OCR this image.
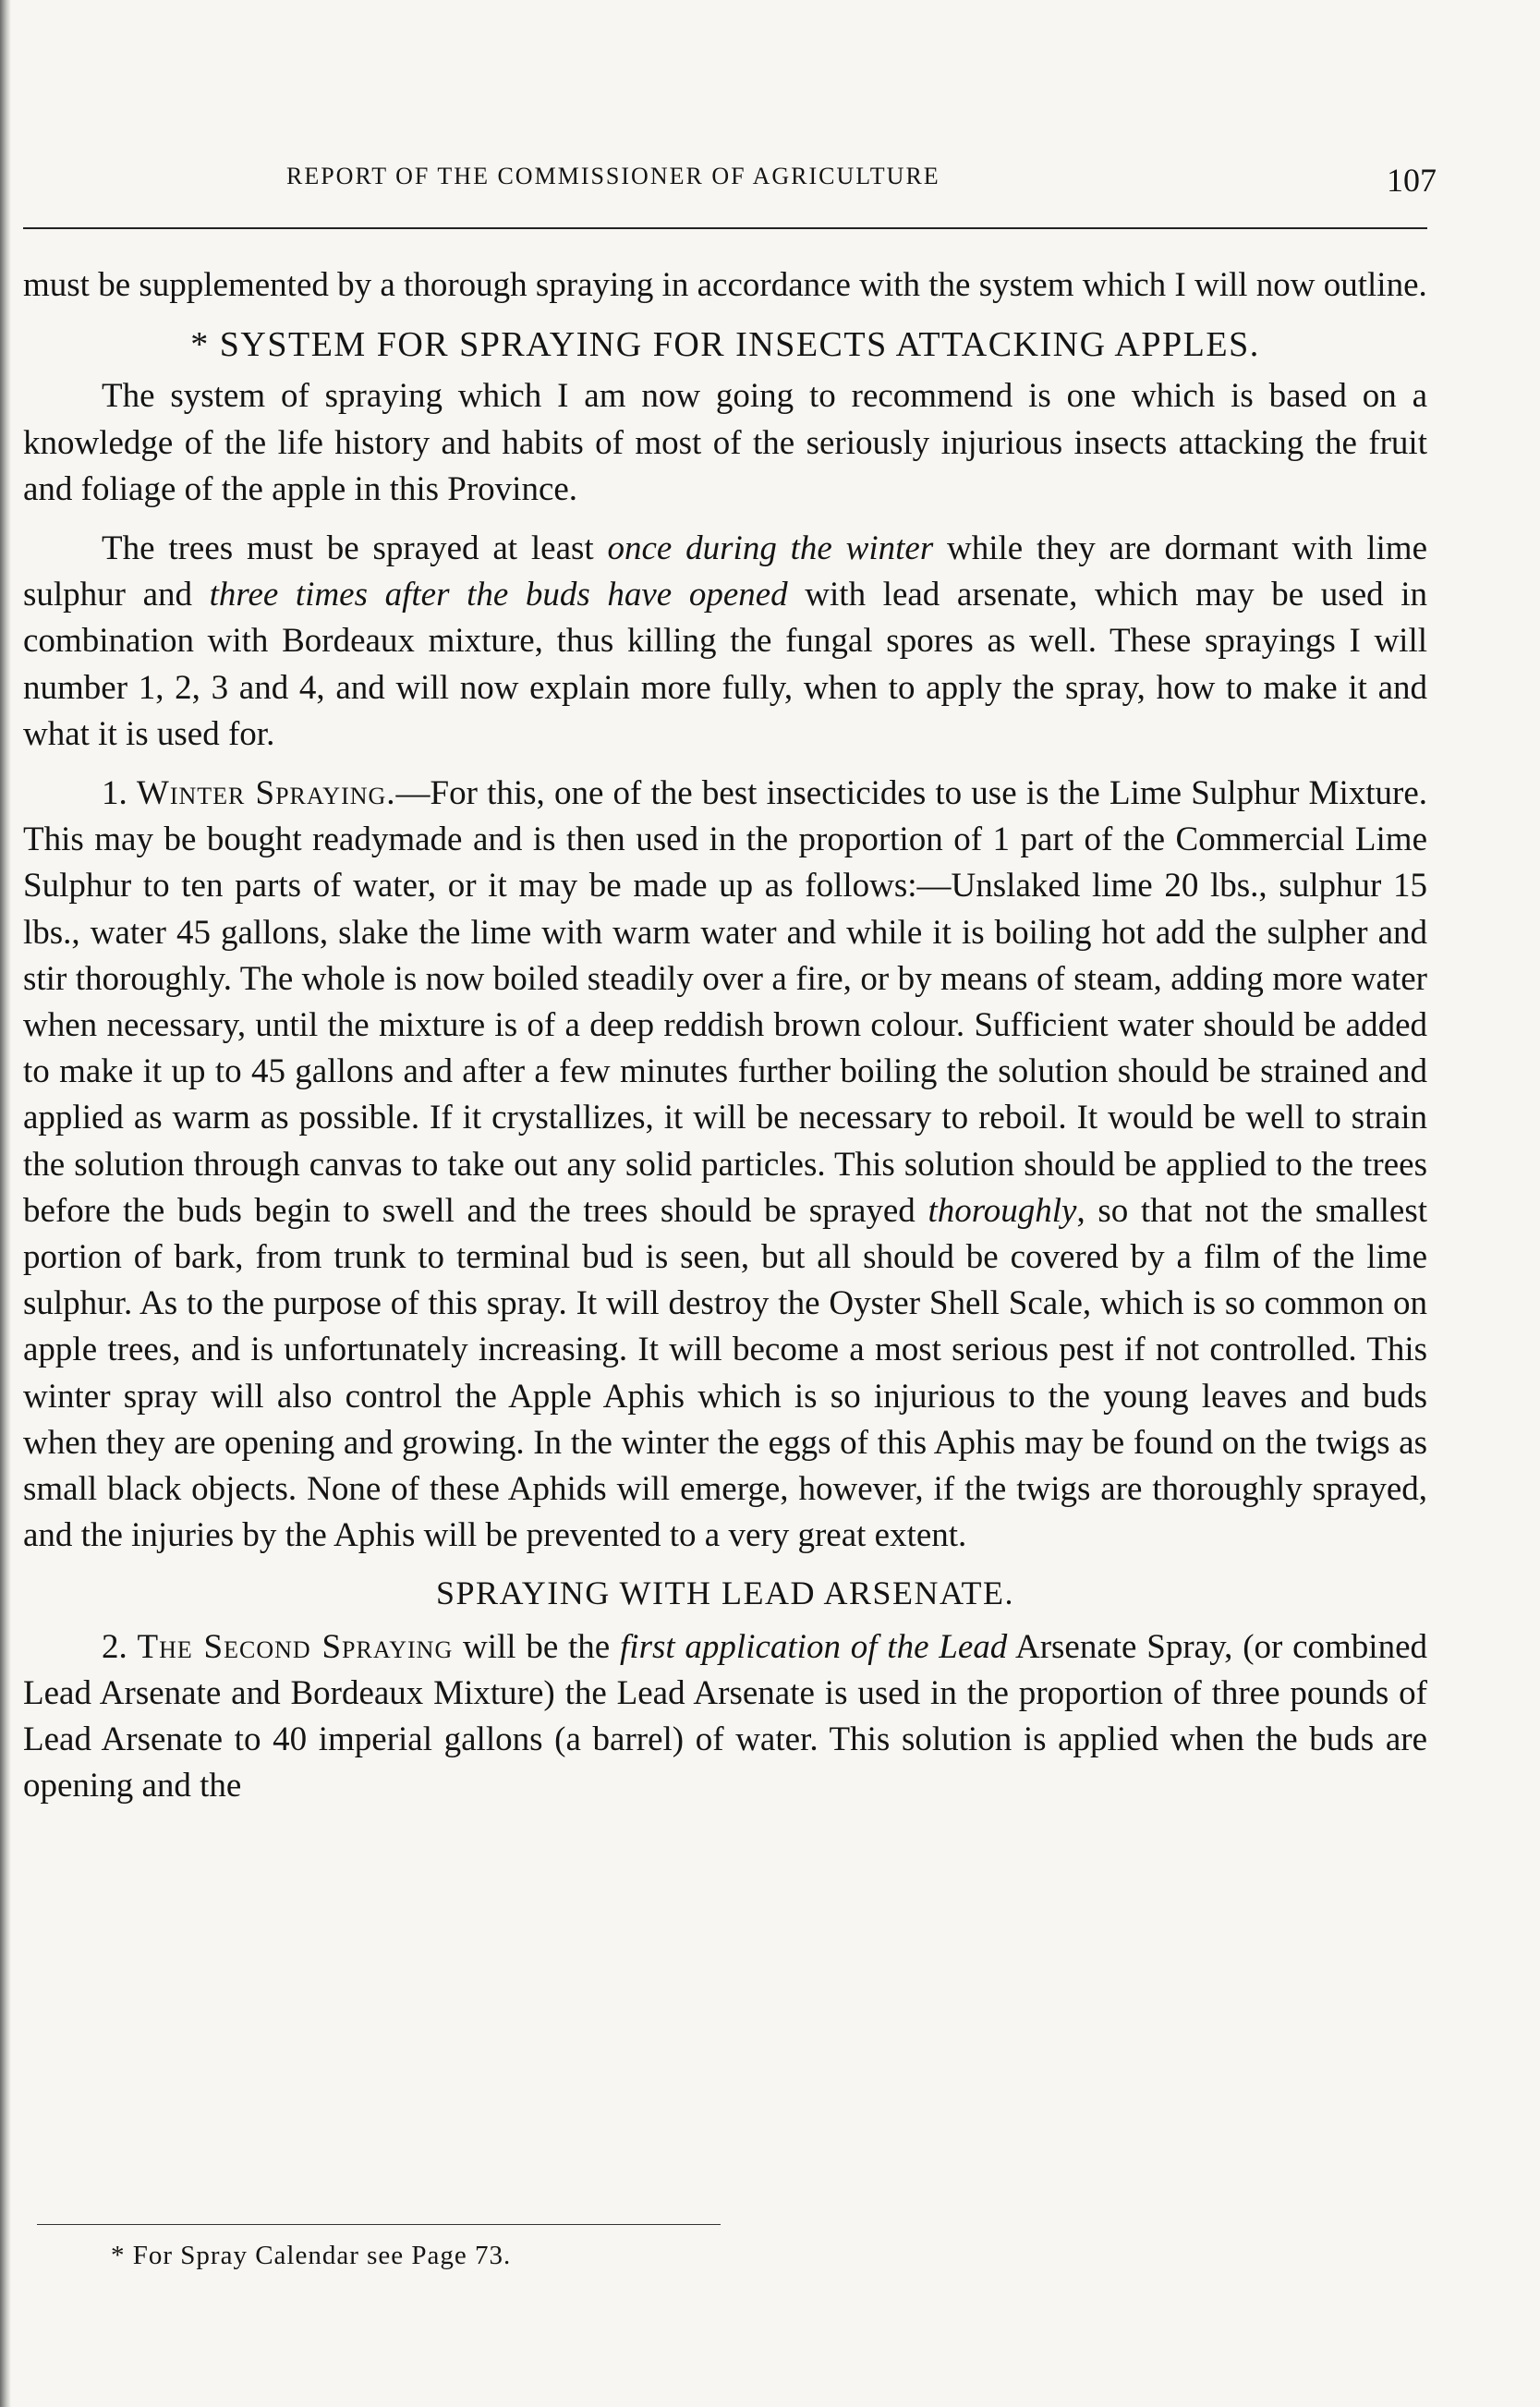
REPORT OF THE COMMISSIONER OF AGRICULTURE	107

must be supplemented by a thorough spraying in accordance with the system which I will now outline.

* SYSTEM FOR SPRAYING FOR INSECTS ATTACKING APPLES.

The system of spraying which I am now going to recommend is one which is based on a knowledge of the life history and habits of most of the seriously injurious insects attacking the fruit and foliage of the apple in this Province.

The trees must be sprayed at least once during the winter while they are dormant with lime sulphur and three times after the buds have opened with lead arsenate, which may be used in combination with Bordeaux mixture, thus killing the fungal spores as well. These sprayings I will number 1, 2, 3 and 4, and will now explain more fully, when to apply the spray, how to make it and what it is used for.

1. Winter Spraying.—For this, one of the best insecticides to use is the Lime Sulphur Mixture. This may be bought readymade and is then used in the proportion of 1 part of the Commercial Lime Sulphur to ten parts of water, or it may be made up as follows:—Unslaked lime 20 lbs., sulphur 15 lbs., water 45 gallons, slake the lime with warm water and while it is boiling hot add the sulpher and stir thoroughly. The whole is now boiled steadily over a fire, or by means of steam, adding more water when necessary, until the mixture is of a deep reddish brown colour. Sufficient water should be added to make it up to 45 gallons and after a few minutes further boiling the solution should be strained and applied as warm as possible. If it crystallizes, it will be necessary to reboil. It would be well to strain the solution through canvas to take out any solid particles. This solution should be applied to the trees before the buds begin to swell and the trees should be sprayed thoroughly, so that not the smallest portion of bark, from trunk to terminal bud is seen, but all should be covered by a film of the lime sulphur. As to the purpose of this spray. It will destroy the Oyster Shell Scale, which is so common on apple trees, and is unfortunately increasing. It will become a most serious pest if not controlled. This winter spray will also control the Apple Aphis which is so injurious to the young leaves and buds when they are opening and growing. In the winter the eggs of this Aphis may be found on the twigs as small black objects. None of these Aphids will emerge, however, if the twigs are thoroughly sprayed, and the injuries by the Aphis will be prevented to a very great extent.

SPRAYING WITH LEAD ARSENATE.

2. The Second Spraying will be the first application of the Lead Arsenate Spray, (or combined Lead Arsenate and Bordeaux Mixture) the Lead Arsenate is used in the proportion of three pounds of Lead Arsenate to 40 imperial gallons (a barrel) of water. This solution is applied when the buds are opening and the

* For Spray Calendar see Page 73.
